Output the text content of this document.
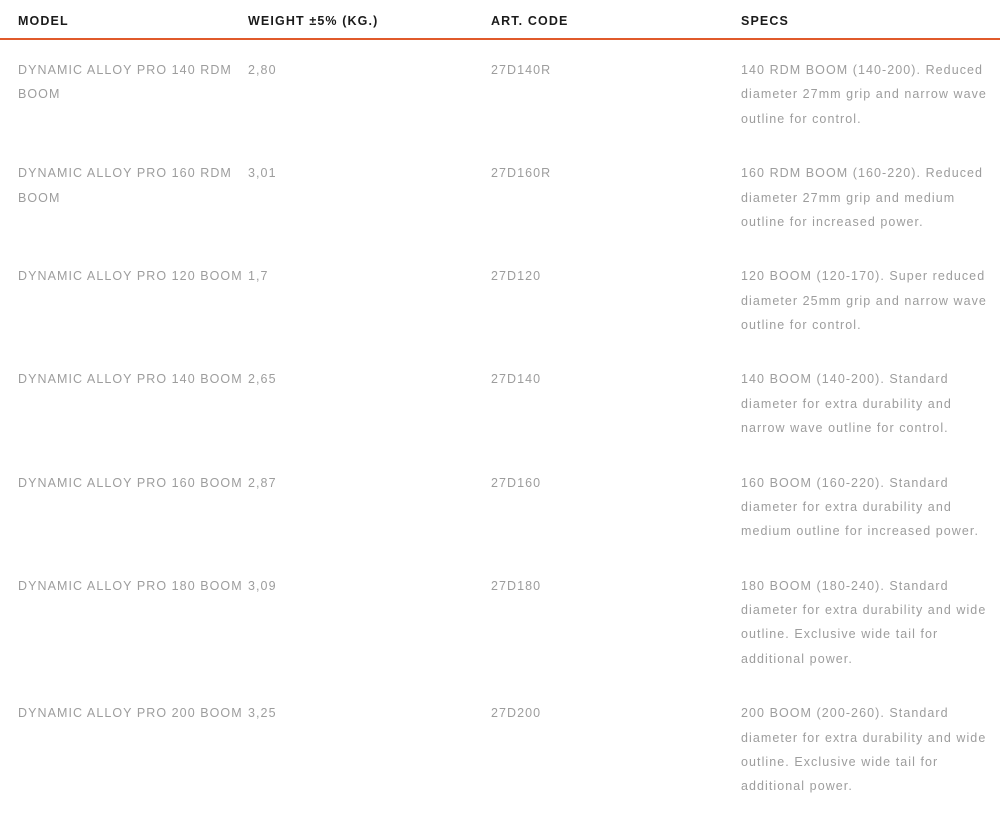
MODEL	WEIGHT ±5% (KG.)	ART. CODE	SPECS
DYNAMIC ALLOY PRO 140 RDM BOOM	2,80	27D140R	140 RDM BOOM (140-200). Reduced diameter 27mm grip and narrow wave outline for control.
DYNAMIC ALLOY PRO 160 RDM BOOM	3,01	27D160R	160 RDM BOOM (160-220). Reduced diameter 27mm grip and medium outline for increased power.
DYNAMIC ALLOY PRO 120 BOOM	1,7	27D120	120 BOOM (120-170). Super reduced diameter 25mm grip and narrow wave outline for control.
DYNAMIC ALLOY PRO 140 BOOM	2,65	27D140	140 BOOM (140-200). Standard diameter for extra durability and narrow wave outline for control.
DYNAMIC ALLOY PRO 160 BOOM	2,87	27D160	160 BOOM (160-220). Standard diameter for extra durability and medium outline for increased power.
DYNAMIC ALLOY PRO 180 BOOM	3,09	27D180	180 BOOM (180-240). Standard diameter for extra durability and wide outline. Exclusive wide tail for additional power.
DYNAMIC ALLOY PRO 200 BOOM	3,25	27D200	200 BOOM (200-260). Standard diameter for extra durability and wide outline. Exclusive wide tail for additional power.
